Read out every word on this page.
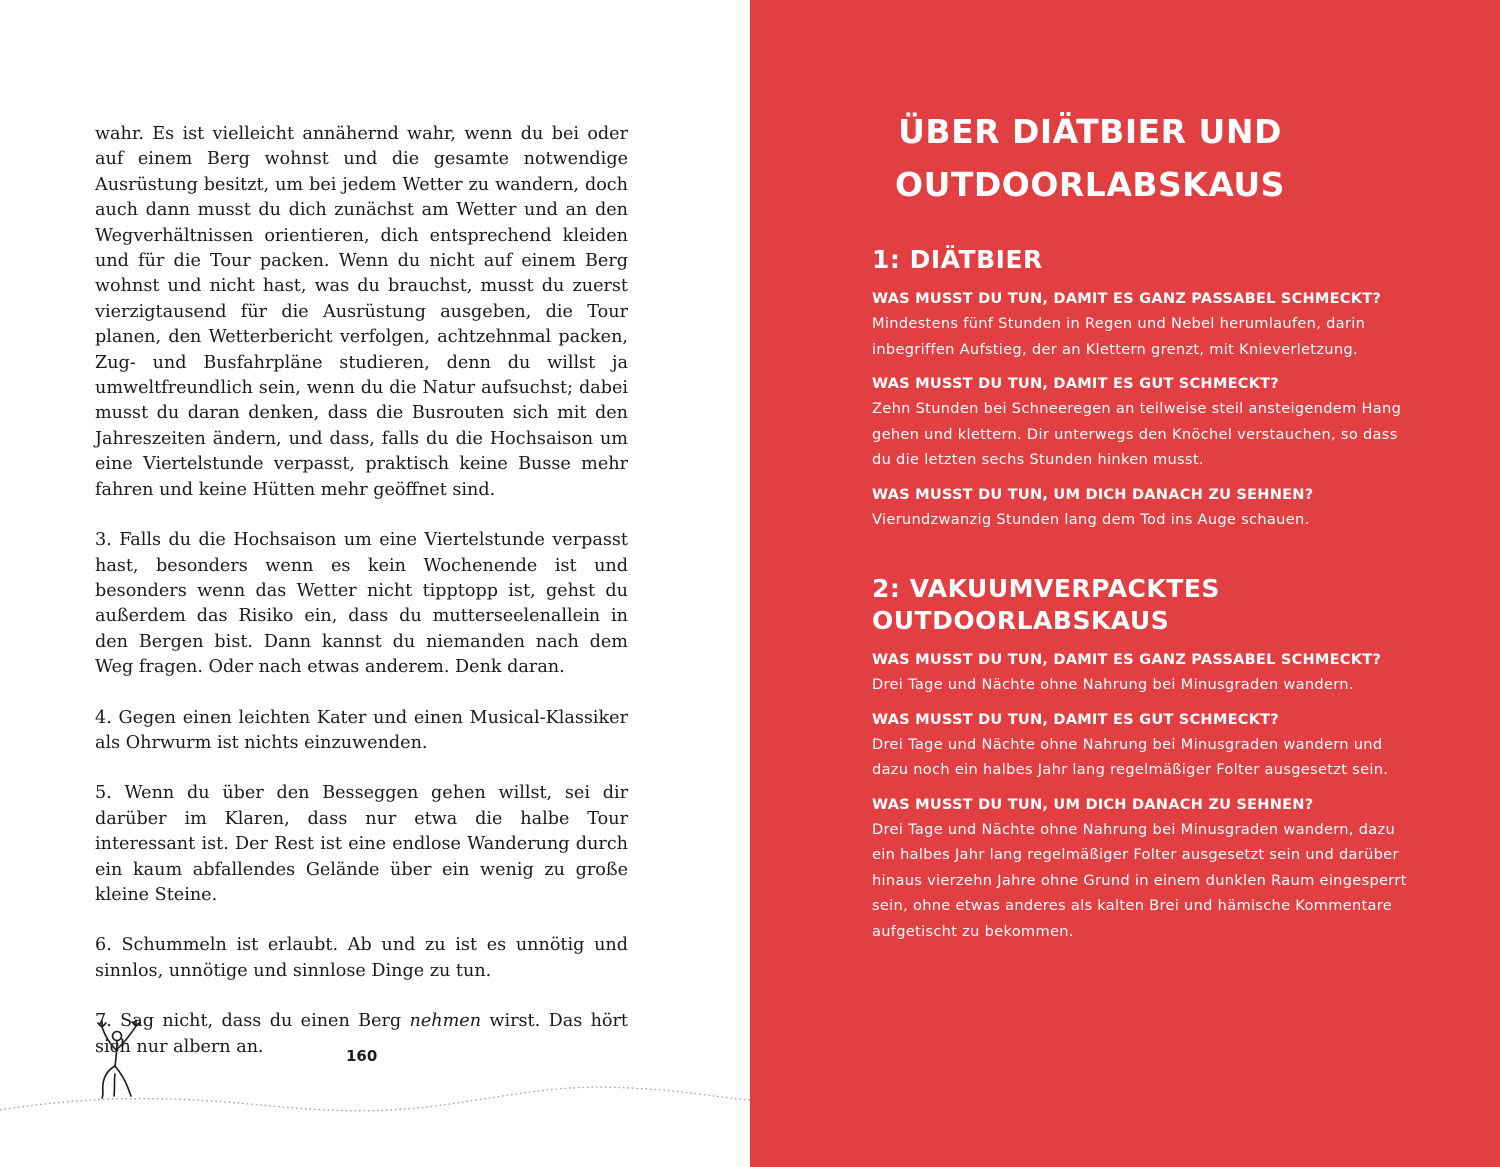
wahr. Es ist vielleicht annähernd wahr, wenn du bei oder auf einem Berg wohnst und die gesamte notwendige Ausrüstung besitzt, um bei jedem Wetter zu wandern, doch auch dann musst du dich zunächst am Wetter und an den Wegverhältnissen orientieren, dich entsprechend kleiden und für die Tour packen. Wenn du nicht auf einem Berg wohnst und nicht hast, was du brauchst, musst du zuerst vierzigtausend für die Ausrüstung ausgeben, die Tour planen, den Wetterbericht verfolgen, achtzehnmal packen, Zug- und Busfahrpläne studieren, denn du willst ja umweltfreundlich sein, wenn du die Natur aufsuchst; dabei musst du daran denken, dass die Busrouten sich mit den Jahreszeiten ändern, und dass, falls du die Hochsaison um eine Viertelstunde verpasst, praktisch keine Busse mehr fahren und keine Hütten mehr geöffnet sind.

3. Falls du die Hochsaison um eine Viertelstunde verpasst hast, besonders wenn es kein Wochenende ist und besonders wenn das Wetter nicht tipptopp ist, gehst du außerdem das Risiko ein, dass du mutterseelenallein in den Bergen bist. Dann kannst du niemanden nach dem Weg fragen. Oder nach etwas anderem. Denk daran.

4. Gegen einen leichten Kater und einen Musical-Klassiker als Ohrwurm ist nichts einzuwenden.

5. Wenn du über den Besseggen gehen willst, sei dir darüber im Klaren, dass nur etwa die halbe Tour interessant ist. Der Rest ist eine endlose Wanderung durch ein kaum abfallendes Gelände über ein wenig zu große kleine Steine.

6. Schummeln ist erlaubt. Ab und zu ist es unnötig und sinnlos, unnötige und sinnlose Dinge zu tun.

7. Sag nicht, dass du einen Berg nehmen wirst. Das hört sich nur albern an.	160
ÜBER DIÄTBIER UND
OUTDOORLABSKAUS
1: DIÄTBIER
WAS MUSST DU TUN, DAMIT ES GANZ PASSABEL SCHMECKT?
Mindestens fünf Stunden in Regen und Nebel herumlaufen, darin
inbegriffen Aufstieg, der an Klettern grenzt, mit Knieverletzung.
WAS MUSST DU TUN, DAMIT ES GUT SCHMECKT?
Zehn Stunden bei Schneeregen an teilweise steil ansteigendem Hang
gehen und klettern. Dir unterwegs den Knöchel verstauchen, so dass
du die letzten sechs Stunden hinken musst.
WAS MUSST DU TUN, UM DICH DANACH ZU SEHNEN?
Vierundzwanzig Stunden lang dem Tod ins Auge schauen.
2: VAKUUMVERPACKTES
OUTDOORLABSKAUS
WAS MUSST DU TUN, DAMIT ES GANZ PASSABEL SCHMECKT?
Drei Tage und Nächte ohne Nahrung bei Minusgraden wandern.
WAS MUSST DU TUN, DAMIT ES GUT SCHMECKT?
Drei Tage und Nächte ohne Nahrung bei Minusgraden wandern und
dazu noch ein halbes Jahr lang regelmäßiger Folter ausgesetzt sein.
WAS MUSST DU TUN, UM DICH DANACH ZU SEHNEN?
Drei Tage und Nächte ohne Nahrung bei Minusgraden wandern, dazu
ein halbes Jahr lang regelmäßiger Folter ausgesetzt sein und darüber
hinaus vierzehn Jahre ohne Grund in einem dunklen Raum eingesperrt
sein, ohne etwas anderes als kalten Brei und hämische Kommentare
aufgetischt zu bekommen.
